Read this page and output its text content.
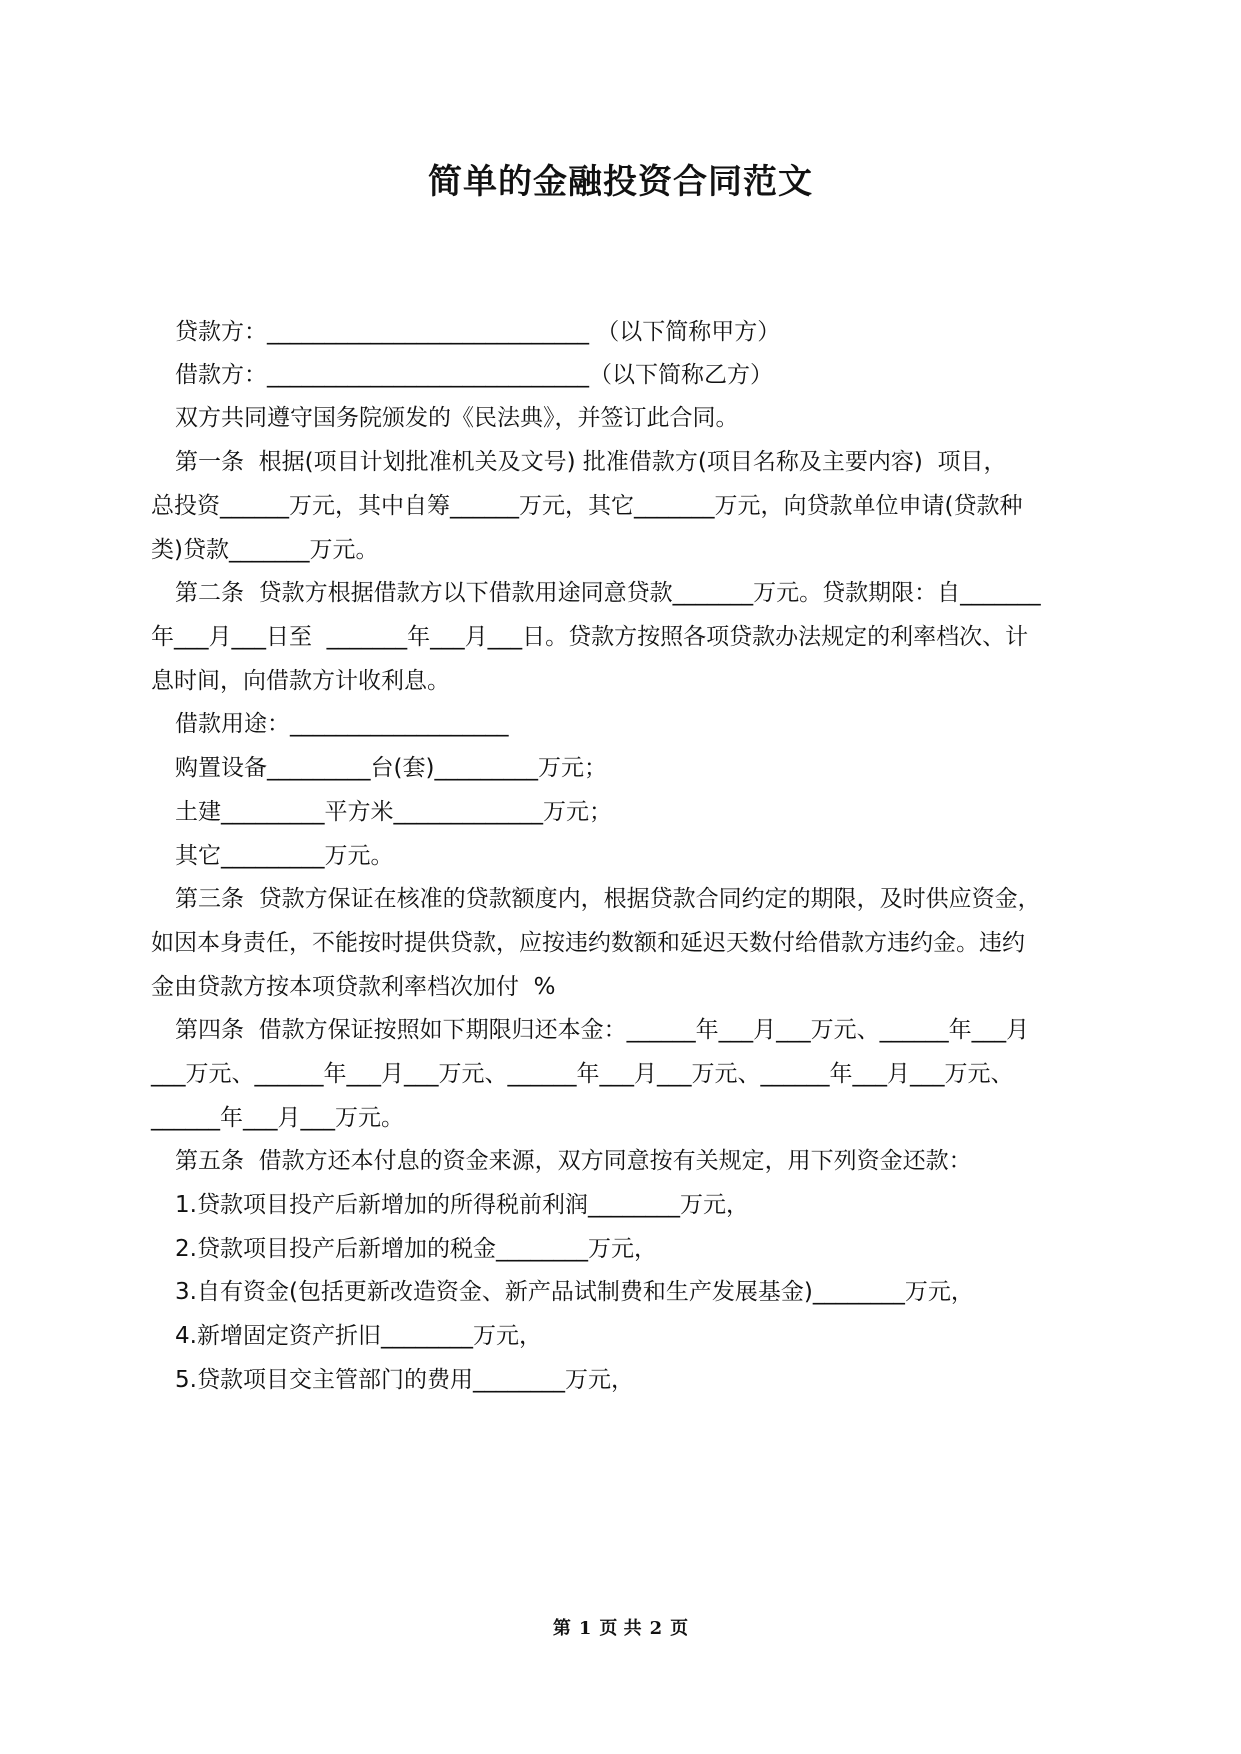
简单的金融投资合同范文

贷款方：____________________________ （以下简称甲方）

借款方：____________________________（以下简称乙方）

双方共同遵守国务院颁发的《民法典》，并签订此合同。

第一条  根据(项目计划批准机关及文号) 批准借款方(项目名称及主要内容)  项目，

总投资______万元，其中自筹______万元，其它_______万元，向贷款单位申请(贷款种

类)贷款_______万元。

第二条  贷款方根据借款方以下借款用途同意贷款_______万元。贷款期限：自_______

年___月___日至  _______年___月___日。贷款方按照各项贷款办法规定的利率档次、计

息时间，向借款方计收利息。

借款用途：___________________

购置设备_________台(套)_________万元；

土建_________平方米_____________万元；

其它_________万元。

第三条  贷款方保证在核准的贷款额度内，根据贷款合同约定的期限，及时供应资金，

如因本身责任，不能按时提供贷款，应按违约数额和延迟天数付给借款方违约金。违约

金由贷款方按本项贷款利率档次加付  %

第四条  借款方保证按照如下期限归还本金：______年___月___万元、______年___月

___万元、______年___月___万元、______年___月___万元、______年___月___万元、

______年___月___万元。

第五条  借款方还本付息的资金来源，双方同意按有关规定，用下列资金还款：

1.贷款项目投产后新增加的所得税前利润________万元，

2.贷款项目投产后新增加的税金________万元，

3.自有资金(包括更新改造资金、新产品试制费和生产发展基金)________万元，

4.新增固定资产折旧________万元，

5.贷款项目交主管部门的费用________万元，

第 1 页 共 2 页
